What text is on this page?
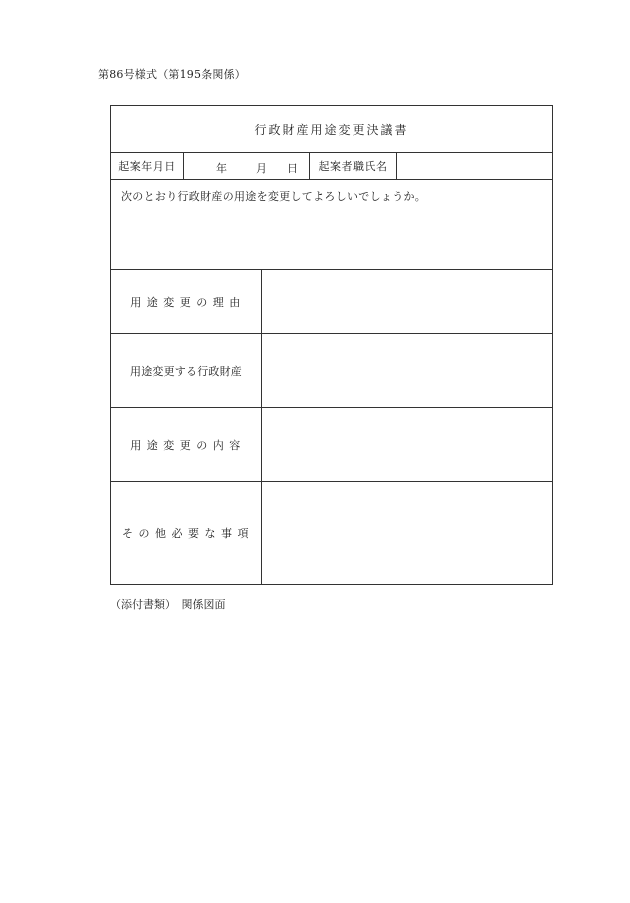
第86号様式（第195条関係）
行政財産用途変更決議書
起案年月日	年	月 日	起案者職氏名
次のとおり行政財産の用途を変更してよろしいでしょうか。
用途変更の理由
用途変更する行政財産
用途変更の内容
その他必要な事項
（添付書類）　関係図面
